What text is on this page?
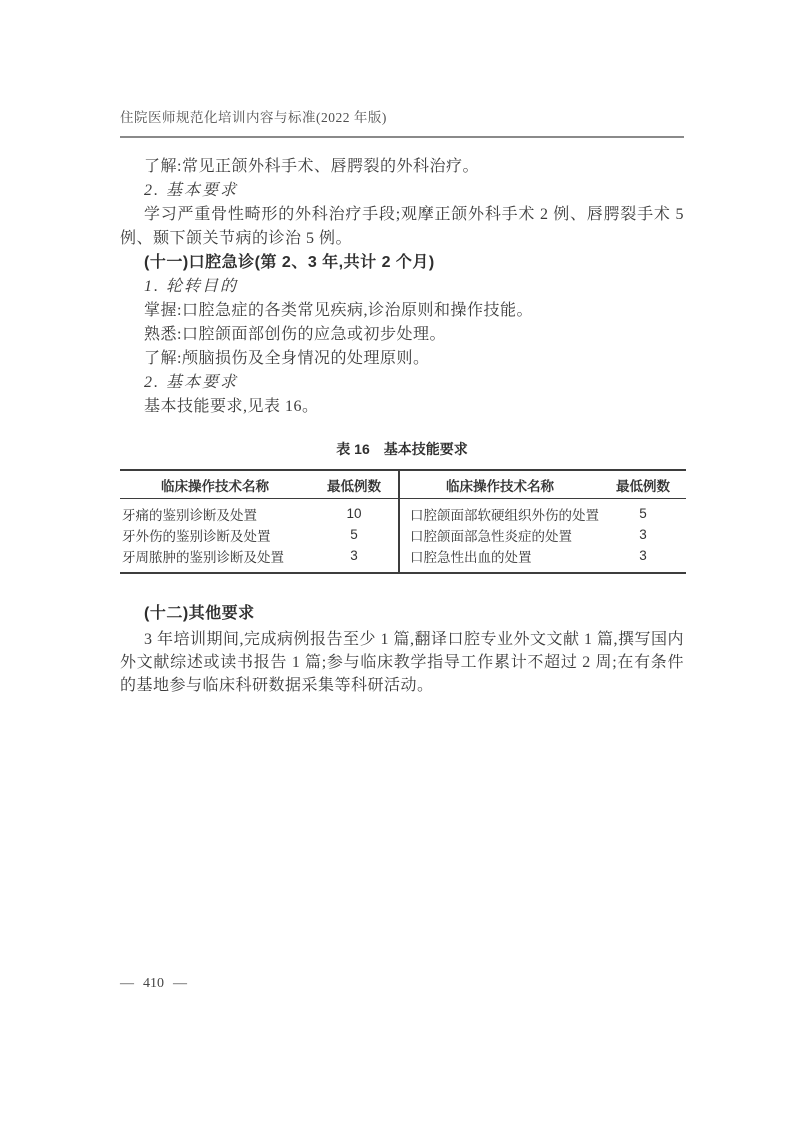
住院医师规范化培训内容与标准(2022 年版)

了解:常见正颌外科手术、唇腭裂的外科治疗。

2. 基本要求

学习严重骨性畸形的外科治疗手段;观摩正颌外科手术 2 例、唇腭裂手术 5 例、颞下颌关节病的诊治 5 例。

(十一)口腔急诊(第 2、3 年,共计 2 个月)

1. 轮转目的

掌握:口腔急症的各类常见疾病,诊治原则和操作技能。

熟悉:口腔颌面部创伤的应急或初步处理。

了解:颅脑损伤及全身情况的处理原则。

2. 基本要求

基本技能要求,见表 16。

表 16　基本技能要求
临床操作技术名称	最低例数	临床操作技术名称	最低例数
牙痛的鉴别诊断及处置	10	口腔颌面部软硬组织外伤的处置	5
牙外伤的鉴别诊断及处置	5	口腔颌面部急性炎症的处置	3
牙周脓肿的鉴别诊断及处置	3	口腔急性出血的处置	3

(十二)其他要求

3 年培训期间,完成病例报告至少 1 篇,翻译口腔专业外文文献 1 篇,撰写国内外文献综述或读书报告 1 篇;参与临床教学指导工作累计不超过 2 周;在有条件的基地参与临床科研数据采集等科研活动。

— 410 —
